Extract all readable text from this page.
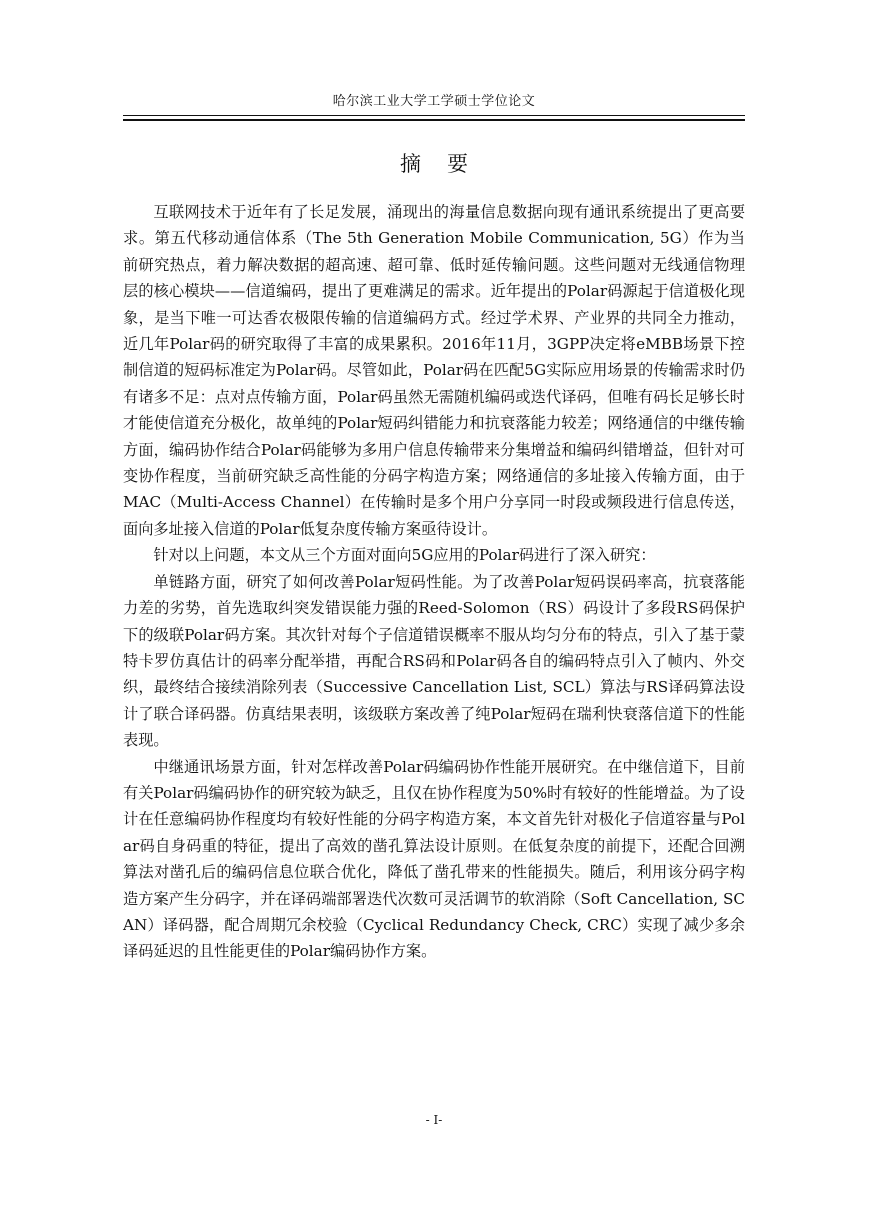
哈尔滨工业大学工学硕士学位论文
摘要

互联网技术于近年有了长足发展，涌现出的海量信息数据向现有通讯系统提出了更高要求。第五代移动通信体系（The 5th Generation Mobile Communication, 5G）作为当前研究热点，着力解决数据的超高速、超可靠、低时延传输问题。这些问题对无线通信物理层的核心模块——信道编码，提出了更难满足的需求。近年提出的Polar码源起于信道极化现象，是当下唯一可达香农极限传输的信道编码方式。经过学术界、产业界的共同全力推动，近几年Polar码的研究取得了丰富的成果累积。2016年11月，3GPP决定将eMBB场景下控制信道的短码标准定为Polar码。尽管如此，Polar码在匹配5G实际应用场景的传输需求时仍有诸多不足：点对点传输方面，Polar码虽然无需随机编码或迭代译码，但唯有码长足够长时才能使信道充分极化，故单纯的Polar短码纠错能力和抗衰落能力较差；网络通信的中继传输方面，编码协作结合Polar码能够为多用户信息传输带来分集增益和编码纠错增益，但针对可变协作程度，当前研究缺乏高性能的分码字构造方案；网络通信的多址接入传输方面，由于MAC（Multi-Access Channel）在传输时是多个用户分享同一时段或频段进行信息传送，面向多址接入信道的Polar低复杂度传输方案亟待设计。

针对以上问题，本文从三个方面对面向5G应用的Polar码进行了深入研究：

单链路方面，研究了如何改善Polar短码性能。为了改善Polar短码误码率高，抗衰落能力差的劣势，首先选取纠突发错误能力强的Reed-Solomon（RS）码设计了多段RS码保护下的级联Polar码方案。其次针对每个子信道错误概率不服从均匀分布的特点，引入了基于蒙特卡罗仿真估计的码率分配举措，再配合RS码和Polar码各自的编码特点引入了帧内、外交织，最终结合接续消除列表（Successive Cancellation List, SCL）算法与RS译码算法设计了联合译码器。仿真结果表明，该级联方案改善了纯Polar短码在瑞利快衰落信道下的性能表现。

中继通讯场景方面，针对怎样改善Polar码编码协作性能开展研究。在中继信道下，目前有关Polar码编码协作的研究较为缺乏，且仅在协作程度为50%时有较好的性能增益。为了设计在任意编码协作程度均有较好性能的分码字构造方案，本文首先针对极化子信道容量与Polar码自身码重的特征，提出了高效的凿孔算法设计原则。在低复杂度的前提下，还配合回溯算法对凿孔后的编码信息位联合优化，降低了凿孔带来的性能损失。随后，利用该分码字构造方案产生分码字，并在译码端部署迭代次数可灵活调节的软消除（Soft Cancellation, SCAN）译码器，配合周期冗余校验（Cyclical Redundancy Check, CRC）实现了减少多余译码延迟的且性能更佳的Polar编码协作方案。

- I-
